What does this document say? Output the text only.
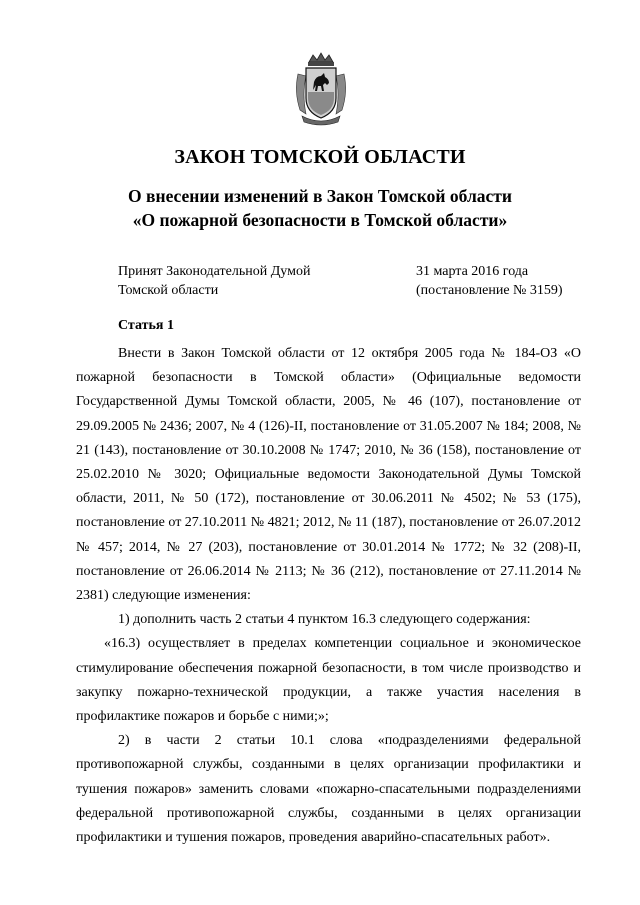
ЗАКОН ТОМСКОЙ ОБЛАСТИ
О внесении изменений в Закон Томской области
«О пожарной безопасности в Томской области»
Принят Законодательной Думой
Томской области
31 марта 2016 года
(постановление № 3159)
Статья 1

Внести в Закон Томской области от 12 октября 2005 года № 184-ОЗ «О пожарной безопасности в Томской области» (Официальные ведомости Государственной Думы Томской области, 2005, № 46 (107), постановление от 29.09.2005 № 2436; 2007, № 4 (126)-II, постановление от 31.05.2007 № 184; 2008, № 21 (143), постановление от 30.10.2008 № 1747; 2010, № 36 (158), постановление от 25.02.2010 № 3020; Официальные ведомости Законодательной Думы Томской области, 2011, № 50 (172), постановление от 30.06.2011 № 4502; № 53 (175), постановление от 27.10.2011 № 4821; 2012, № 11 (187), постановление от 26.07.2012 № 457; 2014, № 27 (203), постановление от 30.01.2014 № 1772; № 32 (208)-II, постановление от 26.06.2014 № 2113; № 36 (212), постановление от 27.11.2014 № 2381) следующие изменения:

1) дополнить часть 2 статьи 4 пунктом 16.3 следующего содержания:

«16.3) осуществляет в пределах компетенции социальное и экономическое стимулирование обеспечения пожарной безопасности, в том числе производство и закупку пожарно-технической продукции, а также участия населения в профилактике пожаров и борьбе с ними;»;

2) в части 2 статьи 10.1 слова «подразделениями федеральной противопожарной службы, созданными в целях организации профилактики и тушения пожаров» заменить словами «пожарно-спасательными подразделениями федеральной противопожарной службы, созданными в целях организации профилактики и тушения пожаров, проведения аварийно-спасательных работ».
